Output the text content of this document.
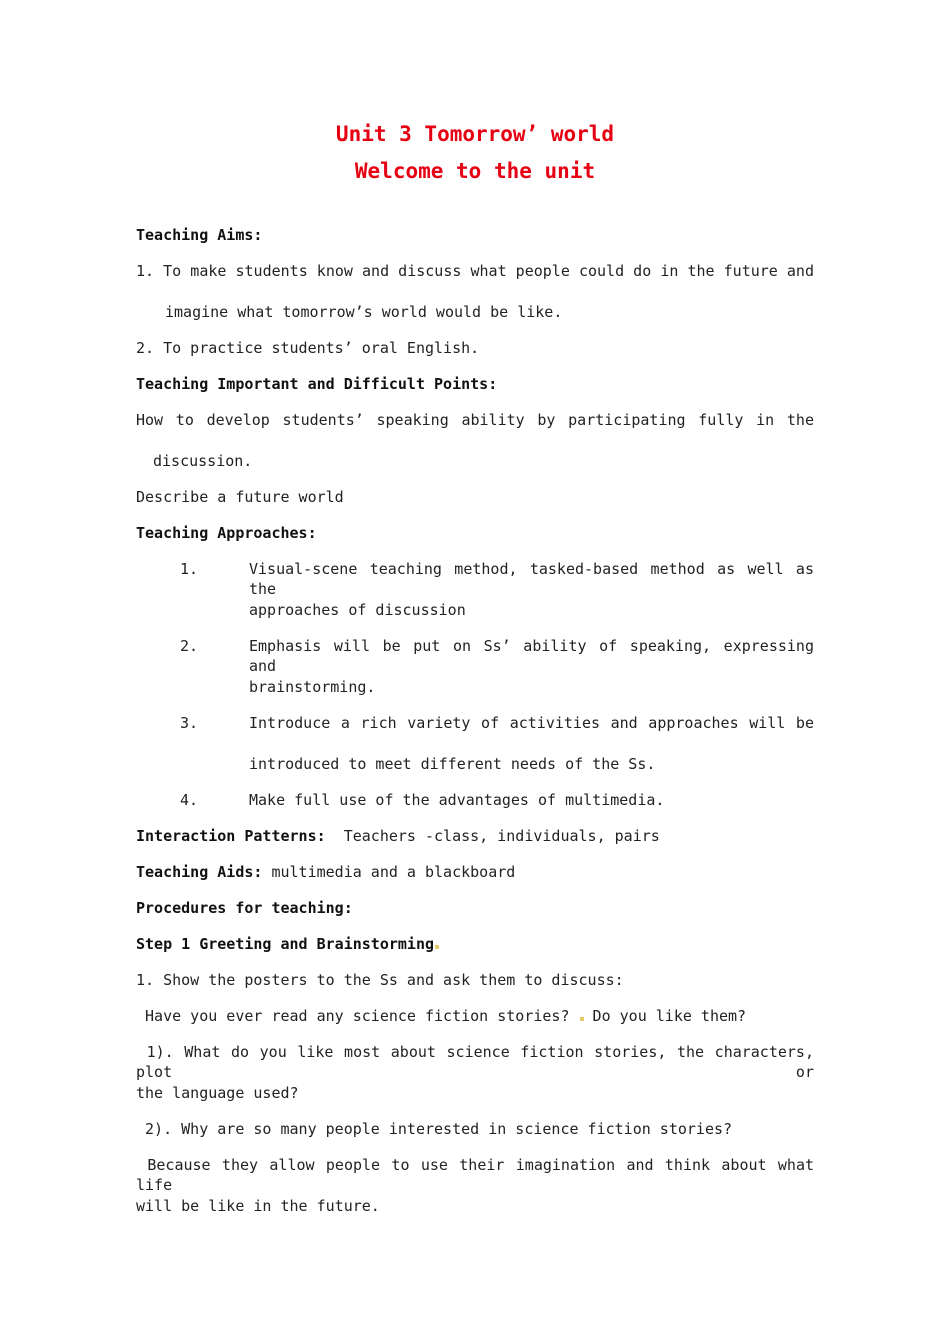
Unit 3 Tomorrow’ world
Welcome to the unit
Teaching Aims:
1. To make students know and discuss what people could do in the future and
imagine what tomorrow’s world would be like.
2. To practice students’ oral English.
Teaching Important and Difficult Points:
How to develop students’ speaking ability by participating fully in the
discussion.
Describe a future world
Teaching Approaches:
1.	Visual-scene teaching method, tasked-based method as well as the
approaches of discussion
2.	Emphasis will be put on Ss’ ability of speaking, expressing and
brainstorming.
3.	Introduce a rich variety of activities and approaches will be
introduced to meet different needs of the Ss.
4.	Make full use of the advantages of multimedia.
Interaction Patterns:  Teachers -class, individuals, pairs
Teaching Aids: multimedia and a blackboard
Procedures for teaching:
Step 1 Greeting and Brainstorming
1. Show the posters to the Ss and ask them to discuss:
Have you ever read any science fiction stories?  Do you like them?
1). What do you like most about science fiction stories, the characters, plot or
the language used?
2). Why are so many people interested in science fiction stories?
Because they allow people to use their imagination and think about what life
will be like in the future.
